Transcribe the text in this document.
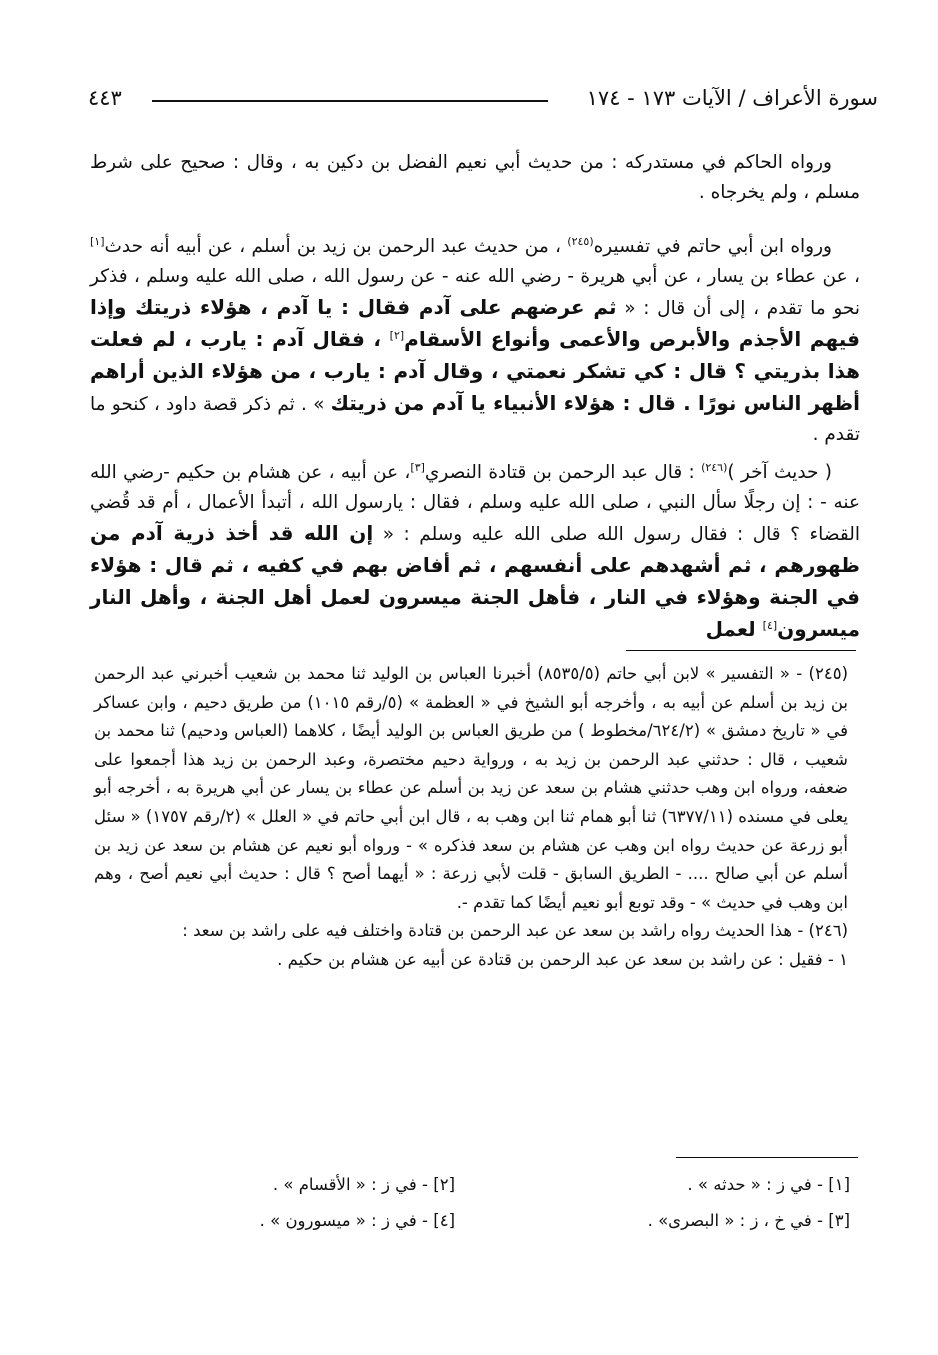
سورة الأعراف / الآيات ١٧٣ - ١٧٤
٤٤٣

ورواه الحاكم في مستدركه : من حديث أبي نعيم الفضل بن دكين به ، وقال : صحيح على شرط مسلم ، ولم يخرجاه .

ورواه ابن أبي حاتم في تفسيره$^{(٢٤٥)}$ ، من حديث عبد الرحمن بن زيد بن أسلم ، عن أبيه أنه حدث[١] ، عن عطاء بن يسار ، عن أبي هريرة - رضي الله عنه - عن رسول الله ، صلى الله عليه وسلم ، فذكر نحو ما تقدم ، إلى أن قال : « ثم عرضهم على آدم فقال : يا آدم ، هؤلاء ذريتك وإذا فيهم الأجذم والأبرص والأعمى وأنواع الأسقام[٢] ، فقال آدم : يارب ، لم فعلت هذا بذريتي ؟ قال : كي تشكر نعمتي ، وقال آدم : يارب ، من هؤلاء الذين أراهم أظهر الناس نورًا . قال : هؤلاء الأنبياء يا آدم من ذريتك » . ثم ذكر قصة داود ، كنحو ما تقدم .

( حديث آخر )$^{(٢٤٦)}$ : قال عبد الرحمن بن قتادة النصري[٣]، عن أبيه ، عن هشام بن حكيم -رضي الله عنه - : إن رجلًا سأل النبي ، صلى الله عليه وسلم ، فقال : يارسول الله ، أتبدأ الأعمال ، أم قد قُضي القضاء ؟ قال : فقال رسول الله صلى الله عليه وسلم : « إن الله قد أخذ ذرية آدم من ظهورهم ، ثم أشهدهم على أنفسهم ، ثم أفاض بهم في كفيه ، ثم قال : هؤلاء في الجنة وهؤلاء في النار ، فأهل الجنة ميسرون لعمل أهل الجنة ، وأهل النار ميسرون[٤] لعمل

(٢٤٥) - « التفسير » لابن أبي حاتم (٨٥٣٥/٥) أخبرنا العباس بن الوليد ثنا محمد بن شعيب أخبرني عبد الرحمن بن زيد بن أسلم عن أبيه به ، وأخرجه أبو الشيخ في « العظمة » (٥/رقم ١٠١٥) من طريق دحيم ، وابن عساكر في « تاريخ دمشق » (٦٢٤/٢/مخطوط ) من طريق العباس بن الوليد أيضًا ، كلاهما (العباس ودحيم) ثنا محمد بن شعيب ، قال : حدثني عبد الرحمن بن زيد به ، ورواية دحيم مختصرة، وعبد الرحمن بن زيد هذا أجمعوا على ضعفه، ورواه ابن وهب حدثني هشام بن سعد عن زيد بن أسلم عن عطاء بن يسار عن أبي هريرة به ، أخرجه أبو يعلى في مسنده (٦٣٧٧/١١) ثنا أبو همام ثنا ابن وهب به ، قال ابن أبي حاتم في « العلل » (٢/رقم ١٧٥٧) « سئل أبو زرعة عن حديث رواه ابن وهب عن هشام بن سعد فذكره » - ورواه أبو نعيم عن هشام بن سعد عن زيد بن أسلم عن أبي صالح .... - الطريق السابق - قلت لأبي زرعة : « أيهما أصح ؟ قال : حديث أبي نعيم أصح ، وهم ابن وهب في حديث » - وقد توبع أبو نعيم أيضًا كما تقدم -.

(٢٤٦) - هذا الحديث رواه راشد بن سعد عن عبد الرحمن بن قتادة واختلف فيه على راشد بن سعد :

١ - فقيل : عن راشد بن سعد عن عبد الرحمن بن قتادة عن أبيه عن هشام بن حكيم .

[١] - في ز : « حدثه » .
[٢] - في ز : « الأقسام » .
[٣] - في خ ، ز : « البصرى» .
[٤] - في ز : « ميسورون » .
